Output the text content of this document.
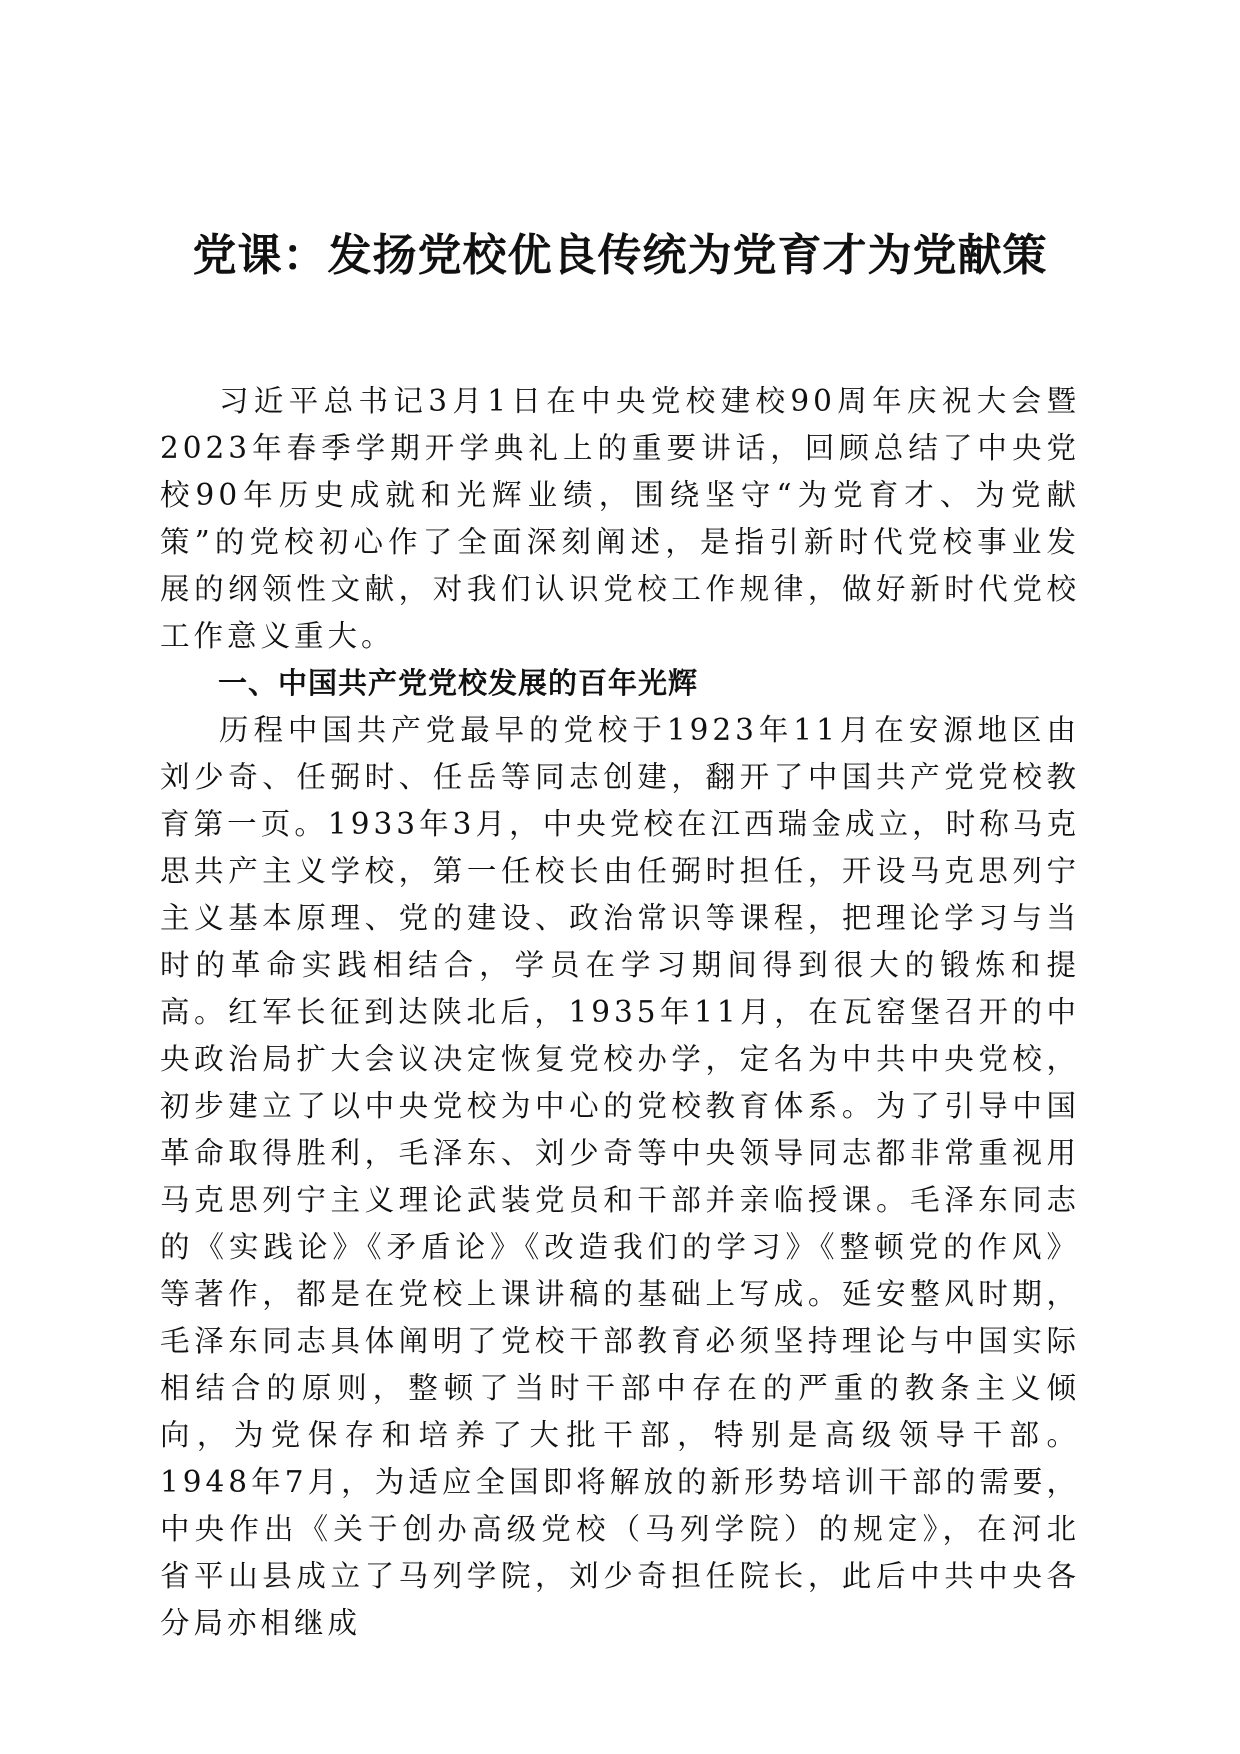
党课：发扬党校优良传统为党育才为党献策

习近平总书记3月1日在中央党校建校90周年庆祝大会暨2023年春季学期开学典礼上的重要讲话，回顾总结了中央党校90年历史成就和光辉业绩，围绕坚守“为党育才、为党献策”的党校初心作了全面深刻阐述，是指引新时代党校事业发展的纲领性文献，对我们认识党校工作规律，做好新时代党校工作意义重大。

一、中国共产党党校发展的百年光辉

历程中国共产党最早的党校于1923年11月在安源地区由刘少奇、任弼时、任岳等同志创建，翻开了中国共产党党校教育第一页。1933年3月，中央党校在江西瑞金成立，时称马克思共产主义学校，第一任校长由任弼时担任，开设马克思列宁主义基本原理、党的建设、政治常识等课程，把理论学习与当时的革命实践相结合，学员在学习期间得到很大的锻炼和提高。红军长征到达陕北后，1935年11月，在瓦窑堡召开的中央政治局扩大会议决定恢复党校办学，定名为中共中央党校，初步建立了以中央党校为中心的党校教育体系。为了引导中国革命取得胜利，毛泽东、刘少奇等中央领导同志都非常重视用马克思列宁主义理论武装党员和干部并亲临授课。毛泽东同志的《实践论》《矛盾论》《改造我们的学习》《整顿党的作风》等著作，都是在党校上课讲稿的基础上写成。延安整风时期，毛泽东同志具体阐明了党校干部教育必须坚持理论与中国实际相结合的原则，整顿了当时干部中存在的严重的教条主义倾向，为党保存和培养了大批干部，特别是高级领导干部。1948年7月，为适应全国即将解放的新形势培训干部的需要，中央作出《关于创办高级党校（马列学院）的规定》，在河北省平山县成立了马列学院，刘少奇担任院长，此后中共中央各分局亦相继成
